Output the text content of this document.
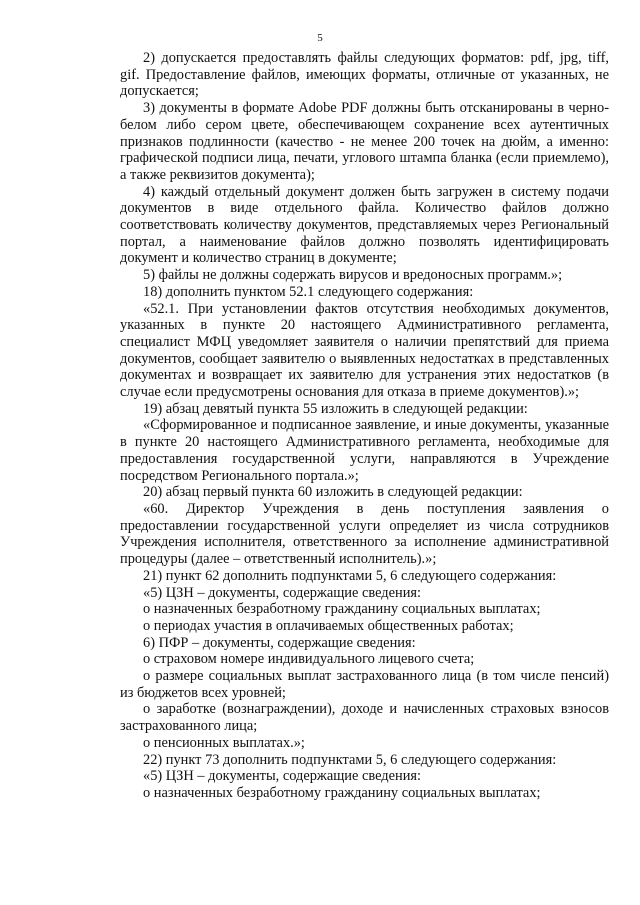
5

2) допускается предоставлять файлы следующих форматов: pdf, jpg, tiff, gif. Предоставление файлов, имеющих форматы, отличные от указанных, не допускается;

3) документы в формате Adobe PDF должны быть отсканированы в черно-белом либо сером цвете, обеспечивающем сохранение всех аутентичных признаков подлинности (качество - не менее 200 точек на дюйм, а именно: графической подписи лица, печати, углового штампа бланка (если приемлемо), а также реквизитов документа);

4) каждый отдельный документ должен быть загружен в систему подачи документов в виде отдельного файла. Количество файлов должно соответствовать количеству документов, представляемых через Региональный портал, а наименование файлов должно позволять идентифицировать документ и количество страниц в документе;

5) файлы не должны содержать вирусов и вредоносных программ.»;

18) дополнить пунктом 52.1 следующего содержания:

«52.1. При установлении фактов отсутствия необходимых документов, указанных в пункте 20 настоящего Административного регламента, специалист МФЦ уведомляет заявителя о наличии препятствий для приема документов, сообщает заявителю о выявленных недостатках в представленных документах и возвращает их заявителю для устранения этих недостатков (в случае если предусмотрены основания для отказа в приеме документов).»;

19) абзац девятый пункта 55 изложить в следующей редакции:

«Сформированное и подписанное заявление, и иные документы, указанные в пункте 20 настоящего Административного регламента, необходимые для предоставления государственной услуги, направляются в Учреждение посредством Регионального портала.»;

20) абзац первый пункта 60 изложить в следующей редакции:

«60. Директор Учреждения в день поступления заявления о предоставлении государственной услуги определяет из числа сотрудников Учреждения исполнителя, ответственного за исполнение административной процедуры (далее – ответственный исполнитель).»;

21) пункт 62 дополнить подпунктами 5, 6 следующего содержания:

«5) ЦЗН – документы, содержащие сведения:

о назначенных безработному гражданину социальных выплатах;

о периодах участия в оплачиваемых общественных работах;

6) ПФР – документы, содержащие сведения:

о страховом номере индивидуального лицевого счета;

о размере социальных выплат застрахованного лица (в том числе пенсий) из бюджетов всех уровней;

о заработке (вознаграждении), доходе и начисленных страховых взносов застрахованного лица;

о пенсионных выплатах.»;

22) пункт 73 дополнить подпунктами 5, 6 следующего содержания:

«5) ЦЗН – документы, содержащие сведения:

о назначенных безработному гражданину социальных выплатах;
